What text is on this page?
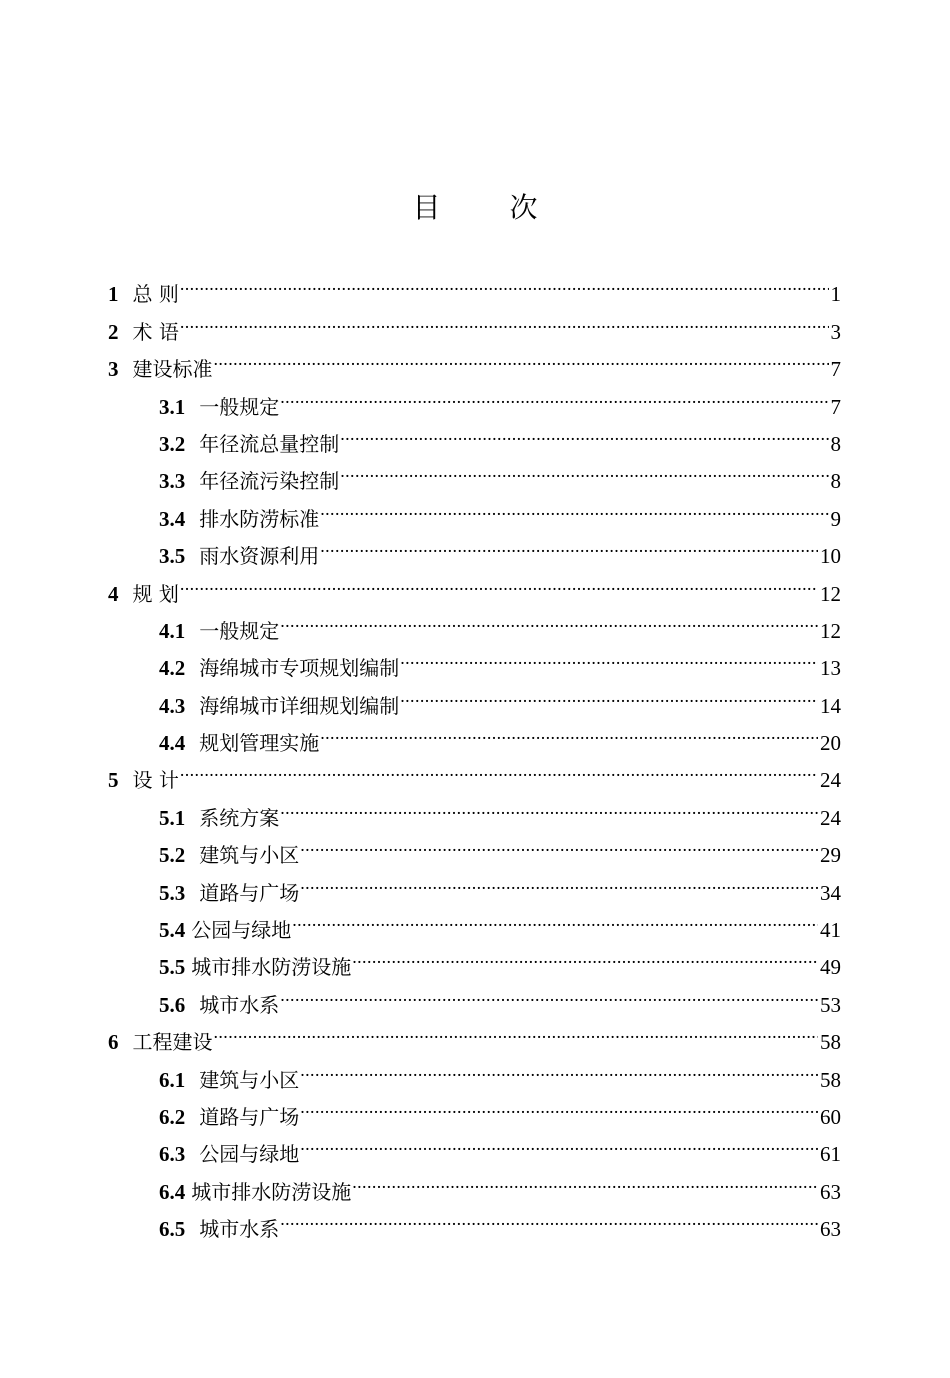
目 次
1 总 则 .....	1
2 术 语 .....	3
3 建设标准 .....	7
3.1 一般规定 .....	7
3.2 年径流总量控制 .....	8
3.3 年径流污染控制 .....	8
3.4 排水防涝标准 .....	9
3.5 雨水资源利用 .....	10
4 规 划 .....	12
4.1 一般规定 .....	12
4.2 海绵城市专项规划编制 .....	13
4.3 海绵城市详细规划编制 .....	14
4.4 规划管理实施 .....	20
5 设 计 .....	24
5.1 系统方案 .....	24
5.2 建筑与小区 .....	29
5.3 道路与广场 .....	34
5.4 公园与绿地 .....	41
5.5 城市排水防涝设施 .....	49
5.6 城市水系 .....	53
6 工程建设 .....	58
6.1 建筑与小区 .....	58
6.2 道路与广场 .....	60
6.3 公园与绿地 .....	61
6.4 城市排水防涝设施 .....	63
6.5 城市水系 .....	63
